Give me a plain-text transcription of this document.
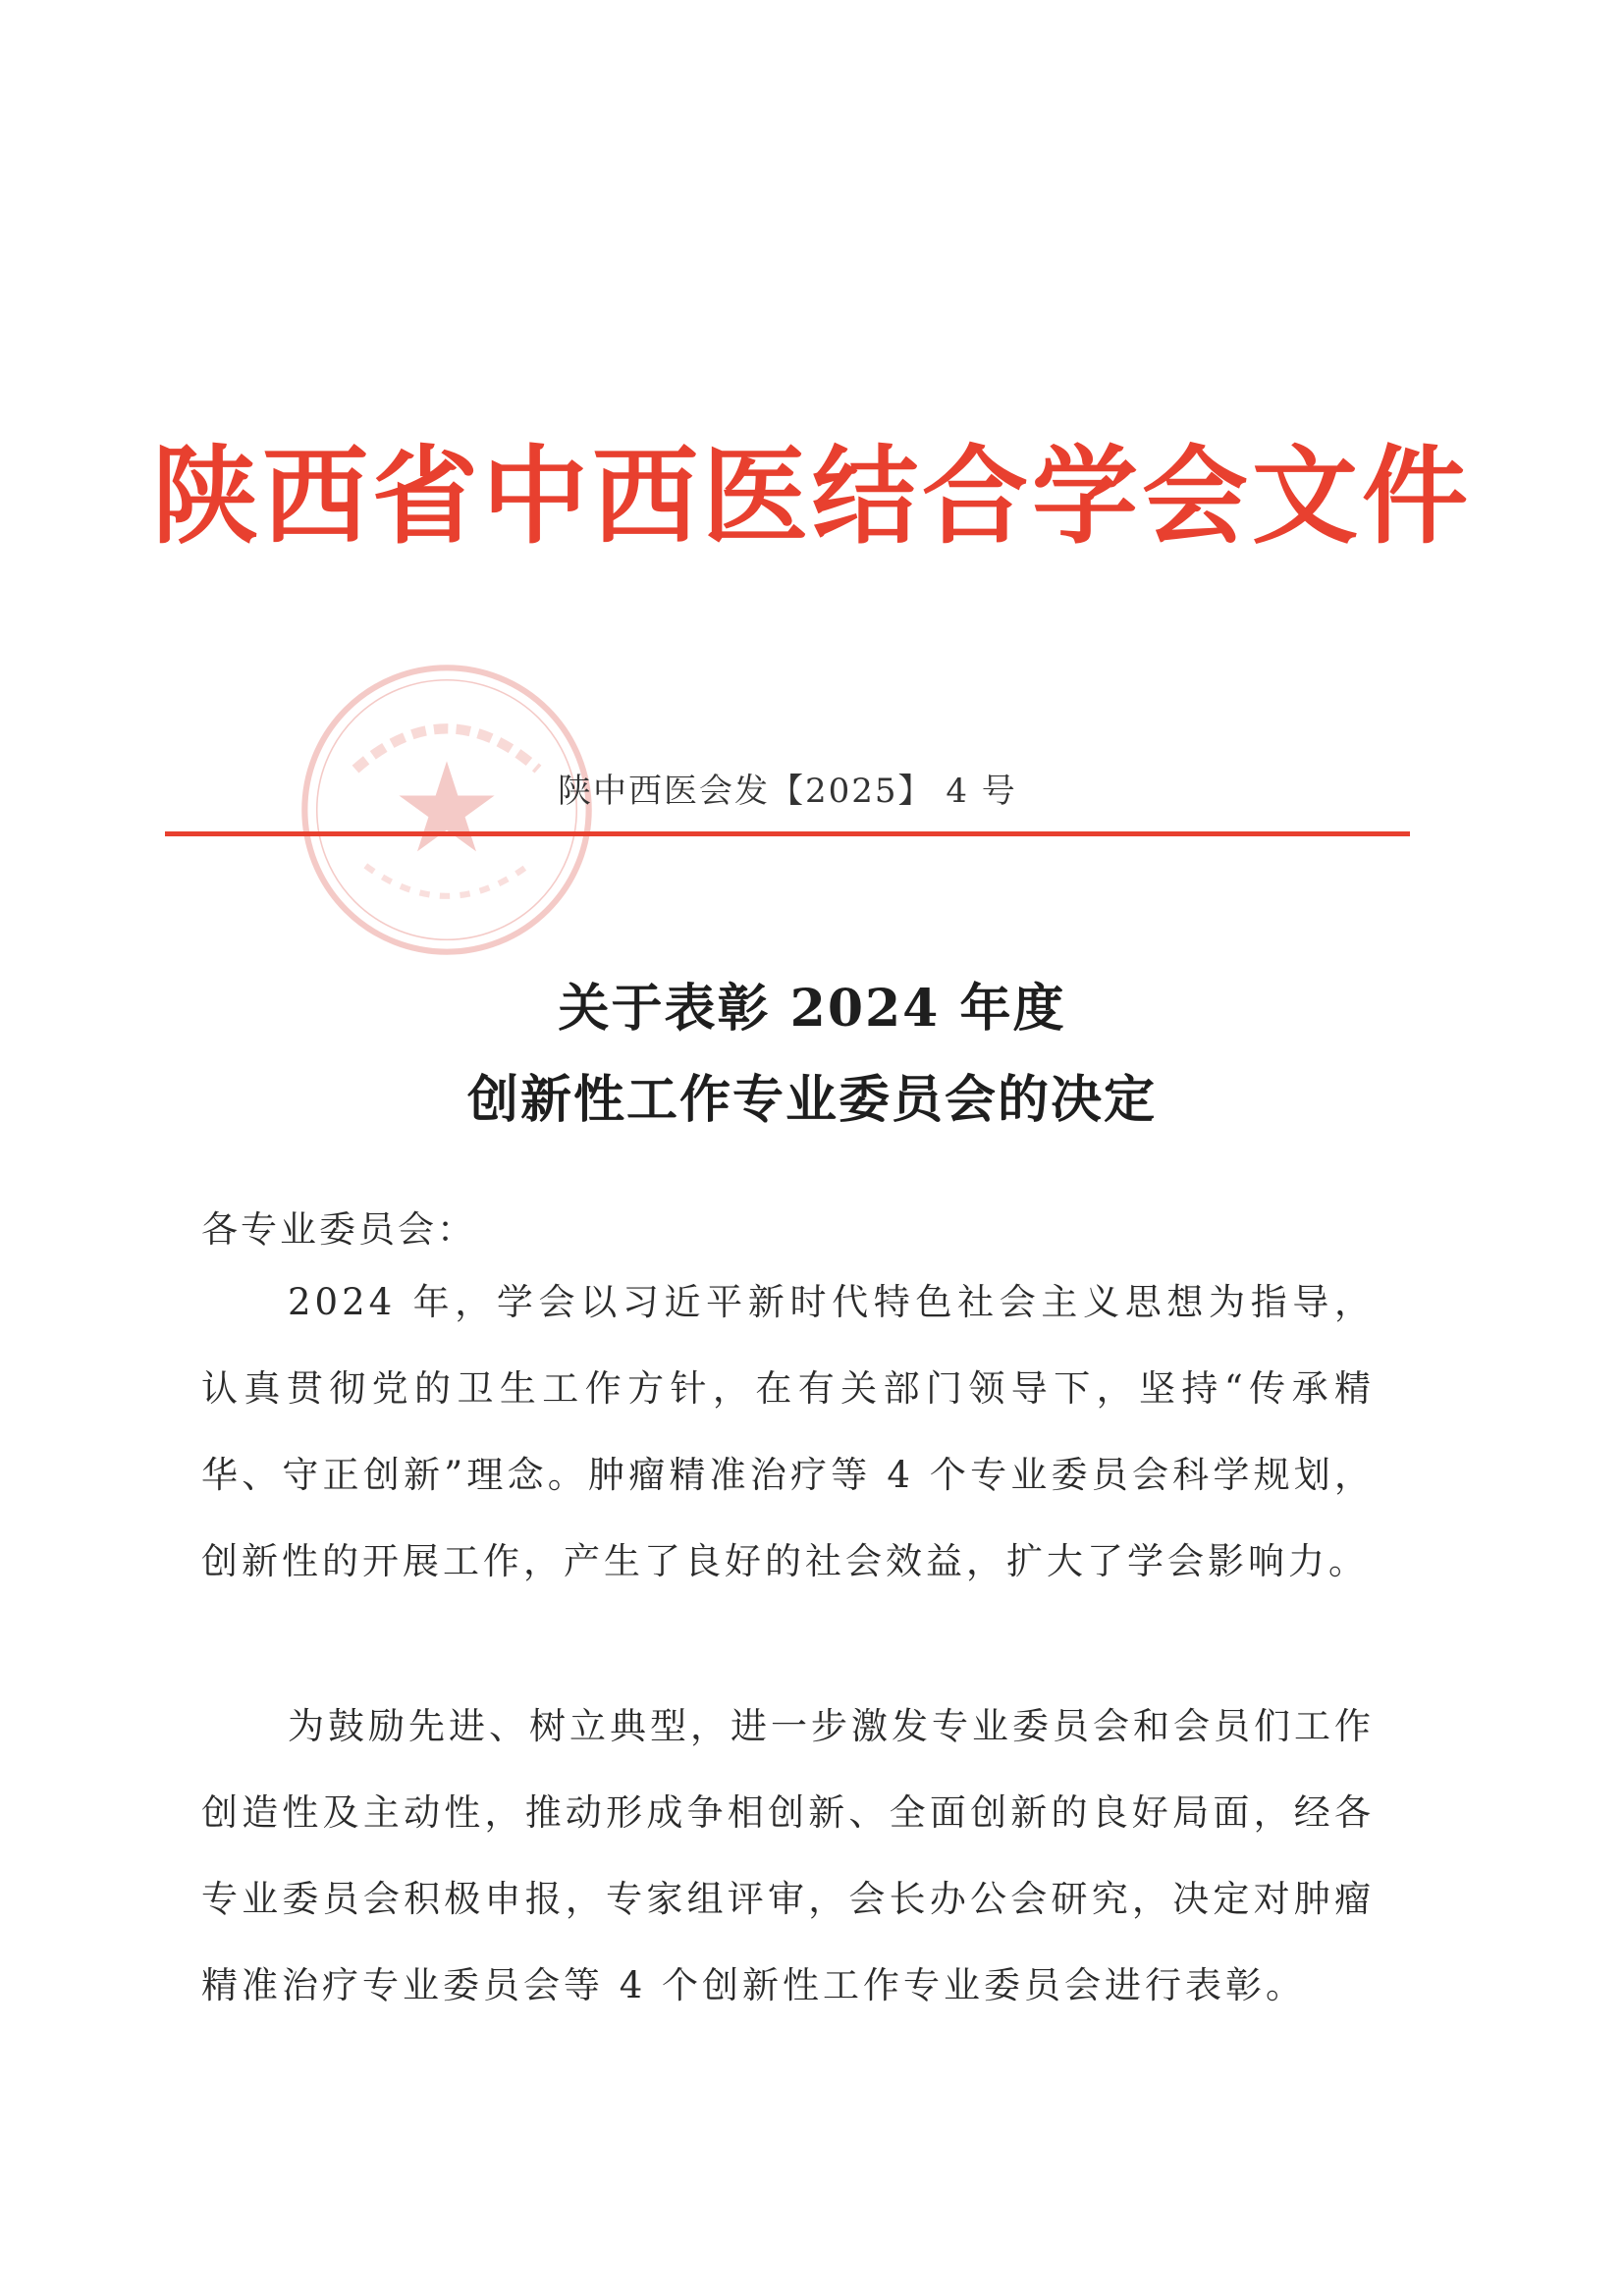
陕西省中西医结合学会文件
陕中西医会发【2025】 4 号
关于表彰 2024 年度
创新性工作专业委员会的决定
各专业委员会：
2024 年，学会以习近平新时代特色社会主义思想为指导，认真贯彻党的卫生工作方针，在有关部门领导下，坚持“传承精华、守正创新”理念。肿瘤精准治疗等 4 个专业委员会科学规划，创新性的开展工作，产生了良好的社会效益，扩大了学会影响力。
为鼓励先进、树立典型，进一步激发专业委员会和会员们工作创造性及主动性，推动形成争相创新、全面创新的良好局面，经各专业委员会积极申报，专家组评审，会长办公会研究，决定对肿瘤精准治疗专业委员会等 4 个创新性工作专业委员会进行表彰。
